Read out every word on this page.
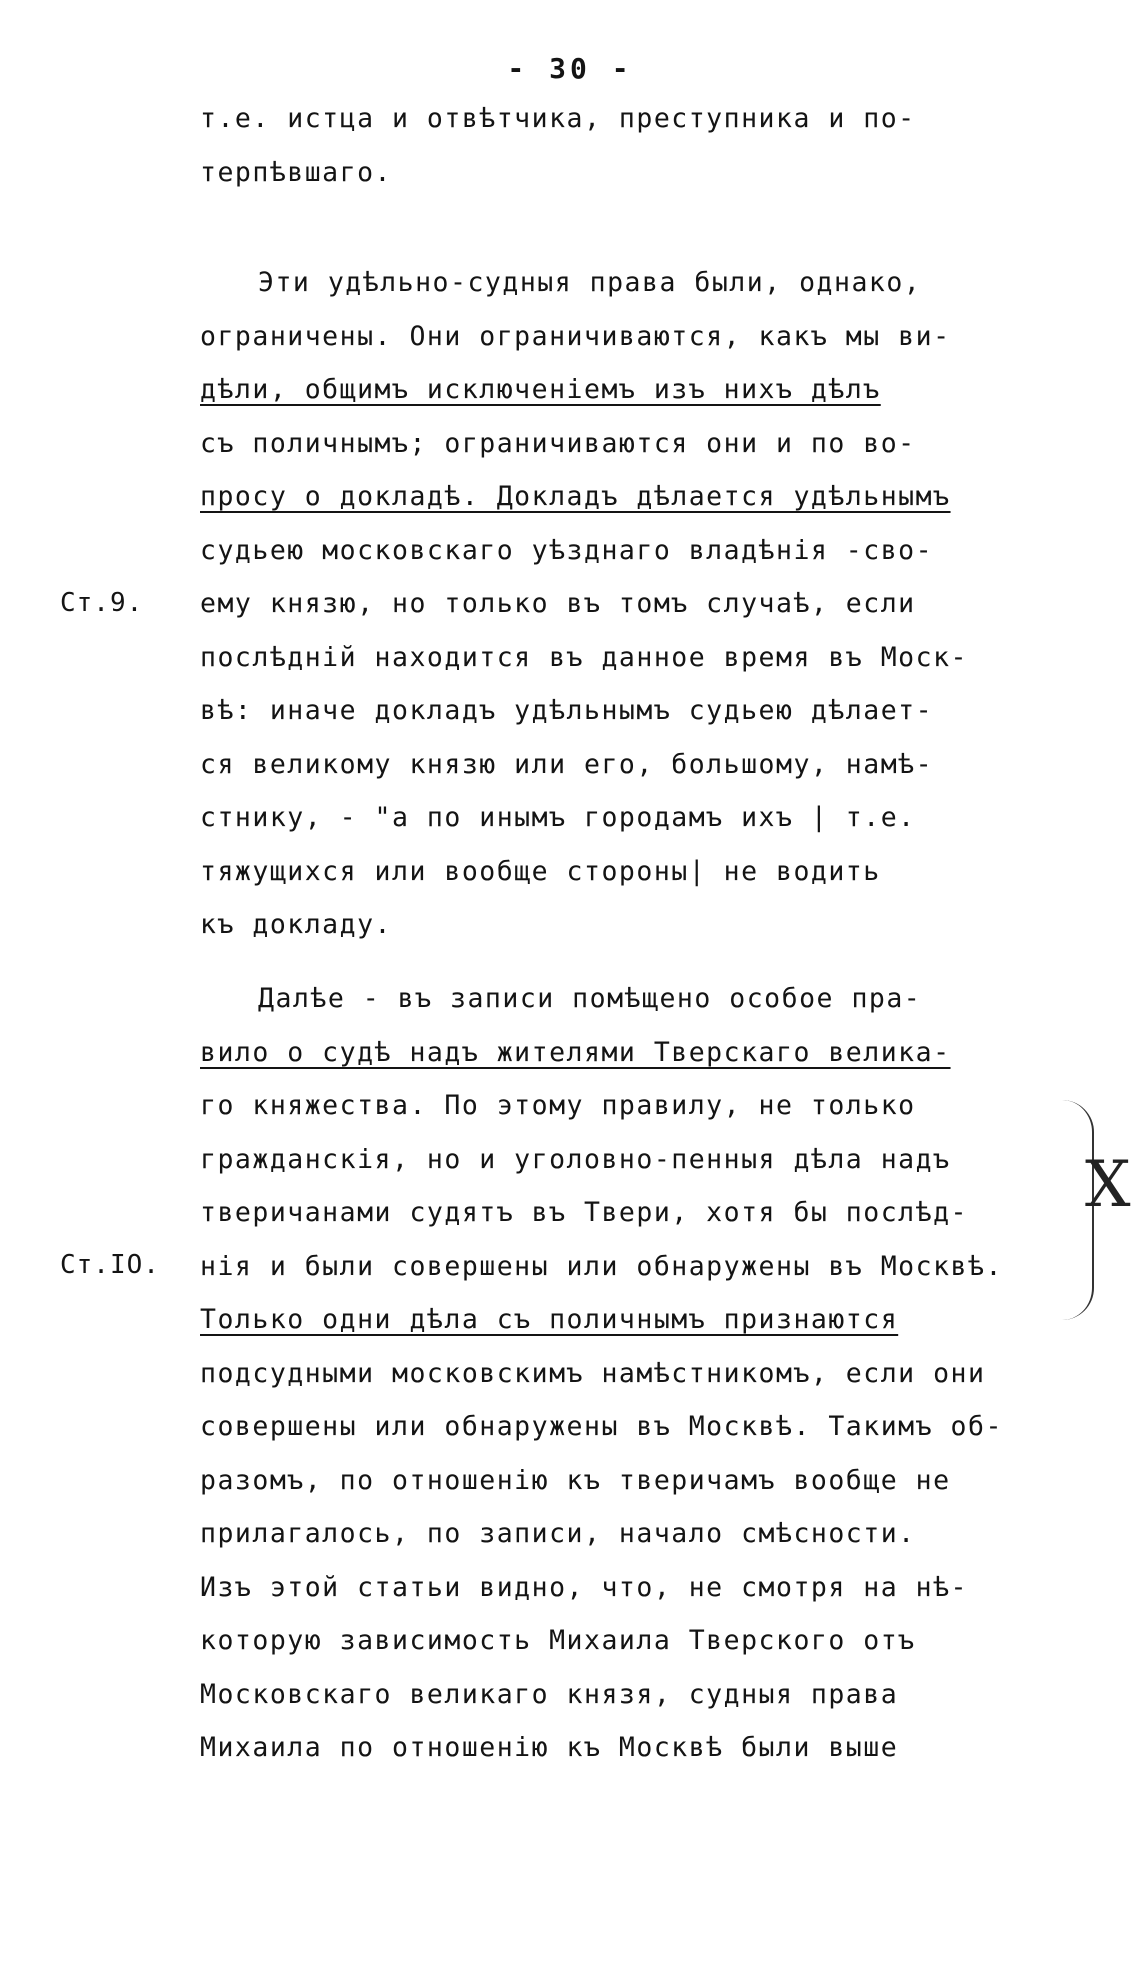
- 30 -
т.е. истца и отвѣтчика, преступника и по-
терпѣвшаго.
Эти удѣльно-судныя права были, однако,
ограничены. Они ограничиваются, какъ мы ви-
дѣли, общимъ исключеніемъ изъ нихъ дѣлъ
съ поличнымъ; ограничиваются они и по во-
просу о докладѣ. Докладъ дѣлается удѣльнымъ
судьею московскаго уѣзднаго владѣнія -сво-
ему князю, но только въ томъ случаѣ, если
послѣдній находится въ данное время въ Моск-
вѣ: иначе докладъ удѣльнымъ судьею дѣлает-
ся великому князю или его, большому, намѣ-
стнику, - "а по инымъ городамъ ихъ | т.е.
тяжущихся или вообще стороны| не водить
къ докладу.
Далѣе - въ записи помѣщено особое пра-
вило о судѣ надъ жителями Тверскаго велика-
го княжества. По этому правилу, не только
гражданскія, но и уголовно-пенныя дѣла надъ
тверичанами судятъ въ Твери, хотя бы послѣд-
нія и были совершены или обнаружены въ Москвѣ.
Только одни дѣла съ поличнымъ признаются
подсудными московскимъ намѣстникомъ, если они
совершены или обнаружены въ Москвѣ. Такимъ об-
разомъ, по отношенію къ тверичамъ вообще не
прилагалось, по записи, начало смѣсности.
Изъ этой статьи видно, что, не смотря на нѣ-
которую зависимость Михаила Тверского отъ
Московскаго великаго князя, судныя права
Михаила по отношенію къ Москвѣ были выше
Ст.9.
Ст.IO.
X
